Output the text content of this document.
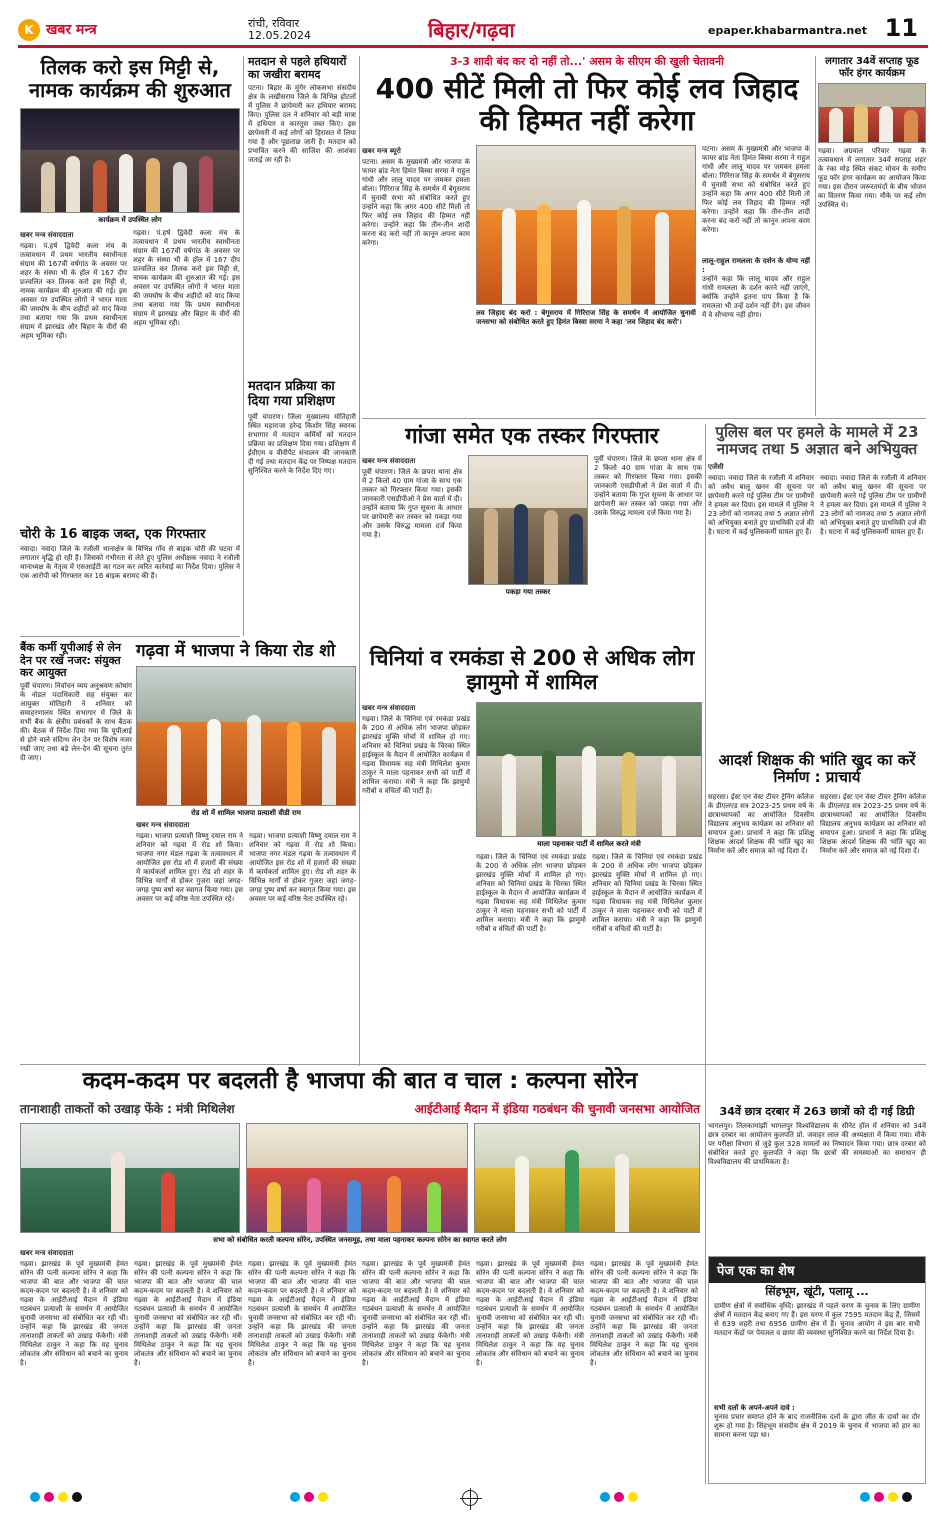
K खबर मन्त्र	रांची, रविवार
12.05.2024	बिहार/गढ़वा	epaper.khabarmantra.net 11
तिलक करो इस मिट्टी से, नामक कार्यक्रम की शुरुआत
कार्यक्रम में उपस्थित लोग
खबर मन्त्र संवाददाता
गढ़वा। पं.हर्ष द्विवेदी कला मंच के तत्वावधान में प्रथम भारतीय स्वाधीनता संग्राम की 167वीं वर्षगांठ के अवसर पर शहर के संस्था भी के हॉल में 167 दीप प्रज्वलित कर तिलक करो इस मिट्टी से, नामक कार्यक्रम की शुरुआत की गई। इस अवसर पर उपस्थित लोगों ने भारत माता की जयघोष के बीच शहीदों को याद किया तथा बताया गया कि प्रथम स्वाधीनता संग्राम में झारखंड और बिहार के वीरों की अहम भूमिका रही।
गढ़वा। पं.हर्ष द्विवेदी कला मंच के तत्वावधान में प्रथम भारतीय स्वाधीनता संग्राम की 167वीं वर्षगांठ के अवसर पर शहर के संस्था भी के हॉल में 167 दीप प्रज्वलित कर तिलक करो इस मिट्टी से, नामक कार्यक्रम की शुरुआत की गई। इस अवसर पर उपस्थित लोगों ने भारत माता की जयघोष के बीच शहीदों को याद किया तथा बताया गया कि प्रथम स्वाधीनता संग्राम में झारखंड और बिहार के वीरों की अहम भूमिका रही।
चोरी के 16 बाइक जब्त, एक गिरफ्तार
नवादा। नवादा जिले के रजौली थानाक्षेत्र के विभिन्न गाँव से बाइक चोरी की घटना में लगातार वृद्धि हो रही है। जिसको गंभीरता से लेते हुए पुलिस अधीक्षक नवादा ने रजौली थानाध्यक्ष के नेतृत्व में एसआईटी का गठन कर त्वरित कार्रवाई का निर्देश दिया। पुलिस ने एक आरोपी को गिरफ्तार कर 16 बाइक बरामद की हैं।
बैंक कर्मी यूपीआई से लेन देन पर रखें नजर: संयुक्त कर आयुक्त
पूर्वी चंपारण। निर्वाचन व्यय अनुश्रवण कोषांग के नोडल पदाधिकारी सह संयुक्त कर आयुक्त मोतिहारी ने शनिवार को समाहरणालय स्थित सभागार में जिले के सभी बैंक के क्षेत्रीय प्रबंधकों के साथ बैठक की। बैठक में निर्देश दिया गया कि यूपीआई से होने वाले संदिग्ध लेन देन पर विशेष नजर रखी जाए तथा बड़े लेन-देन की सूचना तुरंत दी जाए।
मतदान से पहले हथियारों का जखीरा बरामद
पटना। बिहार के मुंगेर लोकसभा संसदीय क्षेत्र के लखीसराय जिले के विभिन्न होटलों में पुलिस ने छापेमारी कर हथियार बरामद किए। पुलिस दल ने शनिवार को बड़ी मात्रा में हथियार व कारतूस जब्त किए। इस छापेमारी में कई लोगों को हिरासत में लिया गया है और पूछताछ जारी है। मतदान को प्रभावित करने की साजिश की आशंका जताई जा रही है।
मतदान प्रक्रिया का दिया गया प्रशिक्षण
पूर्वी चंपारण। जिला मुख्यालय मोतिहारी स्थित महाराजा हरेन्द्र किशोर सिंह स्मारक सभागार में मतदान कर्मियों को मतदान प्रक्रिया का प्रशिक्षण दिया गया। प्रशिक्षण में ईवीएम व वीवीपैट संचालन की जानकारी दी गई तथा मतदान केंद्र पर निष्पक्ष मतदान सुनिश्चित करने के निर्देश दिए गए।
गढ़वा में भाजपा ने किया रोड शो
रोड शो में शामिल भाजपा प्रत्याशी वीडी राम
खबर मन्त्र संवाददाता
गढ़वा। भाजपा प्रत्याशी विष्णु दयाल राम ने शनिवार को गढ़वा में रोड शो किया। भाजपा नगर मंडल गढ़वा के तत्वावधान में आयोजित इस रोड शो में हजारों की संख्या में कार्यकर्ता शामिल हुए। रोड शो शहर के विभिन्न मार्गों से होकर गुजरा जहां जगह-जगह पुष्प वर्षा कर स्वागत किया गया। इस अवसर पर कई वरिष्ठ नेता उपस्थित रहे।
गढ़वा। भाजपा प्रत्याशी विष्णु दयाल राम ने शनिवार को गढ़वा में रोड शो किया। भाजपा नगर मंडल गढ़वा के तत्वावधान में आयोजित इस रोड शो में हजारों की संख्या में कार्यकर्ता शामिल हुए। रोड शो शहर के विभिन्न मार्गों से होकर गुजरा जहां जगह-जगह पुष्प वर्षा कर स्वागत किया गया। इस अवसर पर कई वरिष्ठ नेता उपस्थित रहे।
3-3 शादी बंद कर दो नहीं तो...' असम के सीएम की खुली चेतावनी
400 सीटें मिली तो फिर कोई लव जिहाद की हिम्मत नहीं करेगा
खबर मन्त्र ब्यूरो
पटना। असम के मुख्यमंत्री और भाजपा के फायर ब्रांड नेता हिमंत बिस्वा सरमा ने राहुल गांधी और लालू यादव पर जमकर हमला बोला। गिरिराज सिंह के समर्थन में बेगूसराय में चुनावी सभा को संबोधित करते हुए उन्होंने कहा कि अगर 400 सीटें मिली तो फिर कोई लव जिहाद की हिम्मत नहीं करेगा। उन्होंने कहा कि तीन-तीन शादी करना बंद करो नहीं तो कानून अपना काम करेगा।
लव जिहाद बंद करो : बेगूसराय में गिरिराज सिंह के समर्थन में आयोजित चुनावी जनसभा को संबोधित करते हुए हिमंत बिस्वा सरमा ने कहा 'लव जिहाद बंद करो'।
पटना। असम के मुख्यमंत्री और भाजपा के फायर ब्रांड नेता हिमंत बिस्वा सरमा ने राहुल गांधी और लालू यादव पर जमकर हमला बोला। गिरिराज सिंह के समर्थन में बेगूसराय में चुनावी सभा को संबोधित करते हुए उन्होंने कहा कि अगर 400 सीटें मिली तो फिर कोई लव जिहाद की हिम्मत नहीं करेगा। उन्होंने कहा कि तीन-तीन शादी करना बंद करो नहीं तो कानून अपना काम करेगा।
लालू-राहुल रामलला के दर्शन के योग्य नहीं :
उन्होंने कहा कि लालू यादव और राहुल गांधी रामलला के दर्शन करने नहीं जाएंगे, क्योंकि उन्होंने इतना पाप किया है कि रामलला भी उन्हें दर्शन नहीं देंगे। इस जीवन में वे सौभाग्य नहीं होगा।
गांजा समेत एक तस्कर गिरफ्तार
खबर मन्त्र संवाददाता
पूर्वी चंपारण। जिले के छपरा थाना क्षेत्र में 2 किलो 40 ग्राम गांजा के साथ एक तस्कर को गिरफ्तार किया गया। इसकी जानकारी एसडीपीओ ने प्रेस वार्ता में दी। उन्होंने बताया कि गुप्त सूचना के आधार पर छापेमारी कर तस्कर को पकड़ा गया और उसके विरुद्ध मामला दर्ज किया गया है।
पकड़ा गया तस्कर
पूर्वी चंपारण। जिले के छपरा थाना क्षेत्र में 2 किलो 40 ग्राम गांजा के साथ एक तस्कर को गिरफ्तार किया गया। इसकी जानकारी एसडीपीओ ने प्रेस वार्ता में दी। उन्होंने बताया कि गुप्त सूचना के आधार पर छापेमारी कर तस्कर को पकड़ा गया और उसके विरुद्ध मामला दर्ज किया गया है।
चिनियां व रमकंडा से 200 से अधिक लोग झामुमो में शामिल
खबर मन्त्र संवाददाता
गढ़वा। जिले के चिनियां एवं रमकंडा प्रखंड के 200 से अधिक लोग भाजपा छोड़कर झारखंड मुक्ति मोर्चा में शामिल हो गए। शनिवार को चिनियां प्रखंड के चिरका स्थित हाईस्कूल के मैदान में आयोजित कार्यक्रम में गढ़वा विधायक सह मंत्री मिथिलेश कुमार ठाकुर ने माला पहनाकर सभी को पार्टी में शामिल कराया। मंत्री ने कहा कि झामुमो गरीबों व वंचितों की पार्टी है।
माला पहनाकर पार्टी में शामिल करते मंत्री
गढ़वा। जिले के चिनियां एवं रमकंडा प्रखंड के 200 से अधिक लोग भाजपा छोड़कर झारखंड मुक्ति मोर्चा में शामिल हो गए। शनिवार को चिनियां प्रखंड के चिरका स्थित हाईस्कूल के मैदान में आयोजित कार्यक्रम में गढ़वा विधायक सह मंत्री मिथिलेश कुमार ठाकुर ने माला पहनाकर सभी को पार्टी में शामिल कराया। मंत्री ने कहा कि झामुमो गरीबों व वंचितों की पार्टी है।
गढ़वा। जिले के चिनियां एवं रमकंडा प्रखंड के 200 से अधिक लोग भाजपा छोड़कर झारखंड मुक्ति मोर्चा में शामिल हो गए। शनिवार को चिनियां प्रखंड के चिरका स्थित हाईस्कूल के मैदान में आयोजित कार्यक्रम में गढ़वा विधायक सह मंत्री मिथिलेश कुमार ठाकुर ने माला पहनाकर सभी को पार्टी में शामिल कराया। मंत्री ने कहा कि झामुमो गरीबों व वंचितों की पार्टी है।
लगातार 34वें सप्ताह फूड फॉर हंगर कार्यक्रम
गढ़वा। अग्रवाल परिवार गढ़वा के तत्वावधान में लगातार 34वें सप्ताह शहर के रंका मोड़ स्थित संकट मोचन के समीप फूड फॉर हंगर कार्यक्रम का आयोजन किया गया। इस दौरान जरूरतमंदों के बीच भोजन का वितरण किया गया। मौके पर कई लोग उपस्थित थे।
पुलिस बल पर हमले के मामले में 23 नामजद तथा 5 अज्ञात बने अभियुक्त
एजेंसी
नवादा। नवादा जिले के रजौली में शनिवार को अवैध बालू खनन की सूचना पर छापेमारी करने गई पुलिस टीम पर ग्रामीणों ने हमला कर दिया। इस मामले में पुलिस ने 23 लोगों को नामजद तथा 5 अज्ञात लोगों को अभियुक्त बनाते हुए प्राथमिकी दर्ज की है। घटना में कई पुलिसकर्मी घायल हुए हैं।
नवादा। नवादा जिले के रजौली में शनिवार को अवैध बालू खनन की सूचना पर छापेमारी करने गई पुलिस टीम पर ग्रामीणों ने हमला कर दिया। इस मामले में पुलिस ने 23 लोगों को नामजद तथा 5 अज्ञात लोगों को अभियुक्त बनाते हुए प्राथमिकी दर्ज की है। घटना में कई पुलिसकर्मी घायल हुए हैं।
आदर्श शिक्षक की भांति खुद का करें निर्माण : प्राचार्य
सहरसा। ईस्ट एन वेस्ट टीचर ट्रेनिंग कॉलेज के डीएलएड सत्र 2023-25 प्रथम वर्ष के छात्राध्यापकों का आयोजित दिवसीय विद्यालय अनुभव कार्यक्रम का शनिवार को समापन हुआ। प्राचार्य ने कहा कि प्रशिक्षु शिक्षक आदर्श शिक्षक की भांति खुद का निर्माण करें और समाज को नई दिशा दें।
सहरसा। ईस्ट एन वेस्ट टीचर ट्रेनिंग कॉलेज के डीएलएड सत्र 2023-25 प्रथम वर्ष के छात्राध्यापकों का आयोजित दिवसीय विद्यालय अनुभव कार्यक्रम का शनिवार को समापन हुआ। प्राचार्य ने कहा कि प्रशिक्षु शिक्षक आदर्श शिक्षक की भांति खुद का निर्माण करें और समाज को नई दिशा दें।
कदम-कदम पर बदलती है भाजपा की बात व चाल : कल्पना सोरेन
तानाशाही ताकतों को उखाड़ फेंके : मंत्री मिथिलेश	आईटीआई मैदान में इंडिया गठबंधन की चुनावी जनसभा आयोजित
सभा को संबोधित करती कल्पना सोरेन, उपस्थित जनसमूह, तथा माला पहनाकर कल्पना सोरेन का स्वागत करते लोग
खबर मन्त्र संवाददाता
गढ़वा। झारखंड के पूर्व मुख्यमंत्री हेमंत सोरेन की पत्नी कल्पना सोरेन ने कहा कि भाजपा की बात और भाजपा की चाल कदम-कदम पर बदलती है। वे शनिवार को गढ़वा के आईटीआई मैदान में इंडिया गठबंधन प्रत्याशी के समर्थन में आयोजित चुनावी जनसभा को संबोधित कर रही थीं। उन्होंने कहा कि झारखंड की जनता तानाशाही ताकतों को उखाड़ फेंकेगी। मंत्री मिथिलेश ठाकुर ने कहा कि यह चुनाव लोकतंत्र और संविधान को बचाने का चुनाव है।
गढ़वा। झारखंड के पूर्व मुख्यमंत्री हेमंत सोरेन की पत्नी कल्पना सोरेन ने कहा कि भाजपा की बात और भाजपा की चाल कदम-कदम पर बदलती है। वे शनिवार को गढ़वा के आईटीआई मैदान में इंडिया गठबंधन प्रत्याशी के समर्थन में आयोजित चुनावी जनसभा को संबोधित कर रही थीं। उन्होंने कहा कि झारखंड की जनता तानाशाही ताकतों को उखाड़ फेंकेगी। मंत्री मिथिलेश ठाकुर ने कहा कि यह चुनाव लोकतंत्र और संविधान को बचाने का चुनाव है।
गढ़वा। झारखंड के पूर्व मुख्यमंत्री हेमंत सोरेन की पत्नी कल्पना सोरेन ने कहा कि भाजपा की बात और भाजपा की चाल कदम-कदम पर बदलती है। वे शनिवार को गढ़वा के आईटीआई मैदान में इंडिया गठबंधन प्रत्याशी के समर्थन में आयोजित चुनावी जनसभा को संबोधित कर रही थीं। उन्होंने कहा कि झारखंड की जनता तानाशाही ताकतों को उखाड़ फेंकेगी। मंत्री मिथिलेश ठाकुर ने कहा कि यह चुनाव लोकतंत्र और संविधान को बचाने का चुनाव है।
गढ़वा। झारखंड के पूर्व मुख्यमंत्री हेमंत सोरेन की पत्नी कल्पना सोरेन ने कहा कि भाजपा की बात और भाजपा की चाल कदम-कदम पर बदलती है। वे शनिवार को गढ़वा के आईटीआई मैदान में इंडिया गठबंधन प्रत्याशी के समर्थन में आयोजित चुनावी जनसभा को संबोधित कर रही थीं। उन्होंने कहा कि झारखंड की जनता तानाशाही ताकतों को उखाड़ फेंकेगी। मंत्री मिथिलेश ठाकुर ने कहा कि यह चुनाव लोकतंत्र और संविधान को बचाने का चुनाव है।
गढ़वा। झारखंड के पूर्व मुख्यमंत्री हेमंत सोरेन की पत्नी कल्पना सोरेन ने कहा कि भाजपा की बात और भाजपा की चाल कदम-कदम पर बदलती है। वे शनिवार को गढ़वा के आईटीआई मैदान में इंडिया गठबंधन प्रत्याशी के समर्थन में आयोजित चुनावी जनसभा को संबोधित कर रही थीं। उन्होंने कहा कि झारखंड की जनता तानाशाही ताकतों को उखाड़ फेंकेगी। मंत्री मिथिलेश ठाकुर ने कहा कि यह चुनाव लोकतंत्र और संविधान को बचाने का चुनाव है।
गढ़वा। झारखंड के पूर्व मुख्यमंत्री हेमंत सोरेन की पत्नी कल्पना सोरेन ने कहा कि भाजपा की बात और भाजपा की चाल कदम-कदम पर बदलती है। वे शनिवार को गढ़वा के आईटीआई मैदान में इंडिया गठबंधन प्रत्याशी के समर्थन में आयोजित चुनावी जनसभा को संबोधित कर रही थीं। उन्होंने कहा कि झारखंड की जनता तानाशाही ताकतों को उखाड़ फेंकेगी। मंत्री मिथिलेश ठाकुर ने कहा कि यह चुनाव लोकतंत्र और संविधान को बचाने का चुनाव है।
34वें छात्र दरबार में 263 छात्रों को दी गई डिग्री
भागलपुर। तिलकामांझी भागलपुर विश्वविद्यालय के सीनेट हॉल में शनिवार को 34वें छात्र दरबार का आयोजन कुलपति प्रो. जवाहर लाल की अध्यक्षता में किया गया। मौके पर परीक्षा विभाग से जुड़े कुल 328 मामलों का निष्पादन किया गया। छात्र दरबार को संबोधित करते हुए कुलपति ने कहा कि छात्रों की समस्याओं का समाधान ही विश्वविद्यालय की प्राथमिकता है।
पेज एक का शेष
सिंहभूम, खूंटी, पलामू ...
ग्रामीण क्षेत्रों में सर्वाधिक वृध्दि। झारखंड में पहले चरण के चुनाव के लिए ग्रामीण क्षेत्रों में मतदान केंद्र बनाए गए हैं। इस चरण में कुल 7595 मतदान केंद्र हैं, जिसमें से 639 शहरी तथा 6956 ग्रामीण क्षेत्र में हैं। चुनाव आयोग ने इस बार सभी मतदान केंद्रों पर पेयजल व छाया की व्यवस्था सुनिश्चित करने का निर्देश दिया है।
सभी दलों के अपने-अपने दावे :
चुनाव प्रचार समाप्त होने के बाद राजनीतिक दलों के द्वारा जीत के दावों का दौर शुरू हो गया है। सिंहभूम संसदीय क्षेत्र में 2019 के चुनाव में भाजपा को हार का सामना करना पड़ा था।
